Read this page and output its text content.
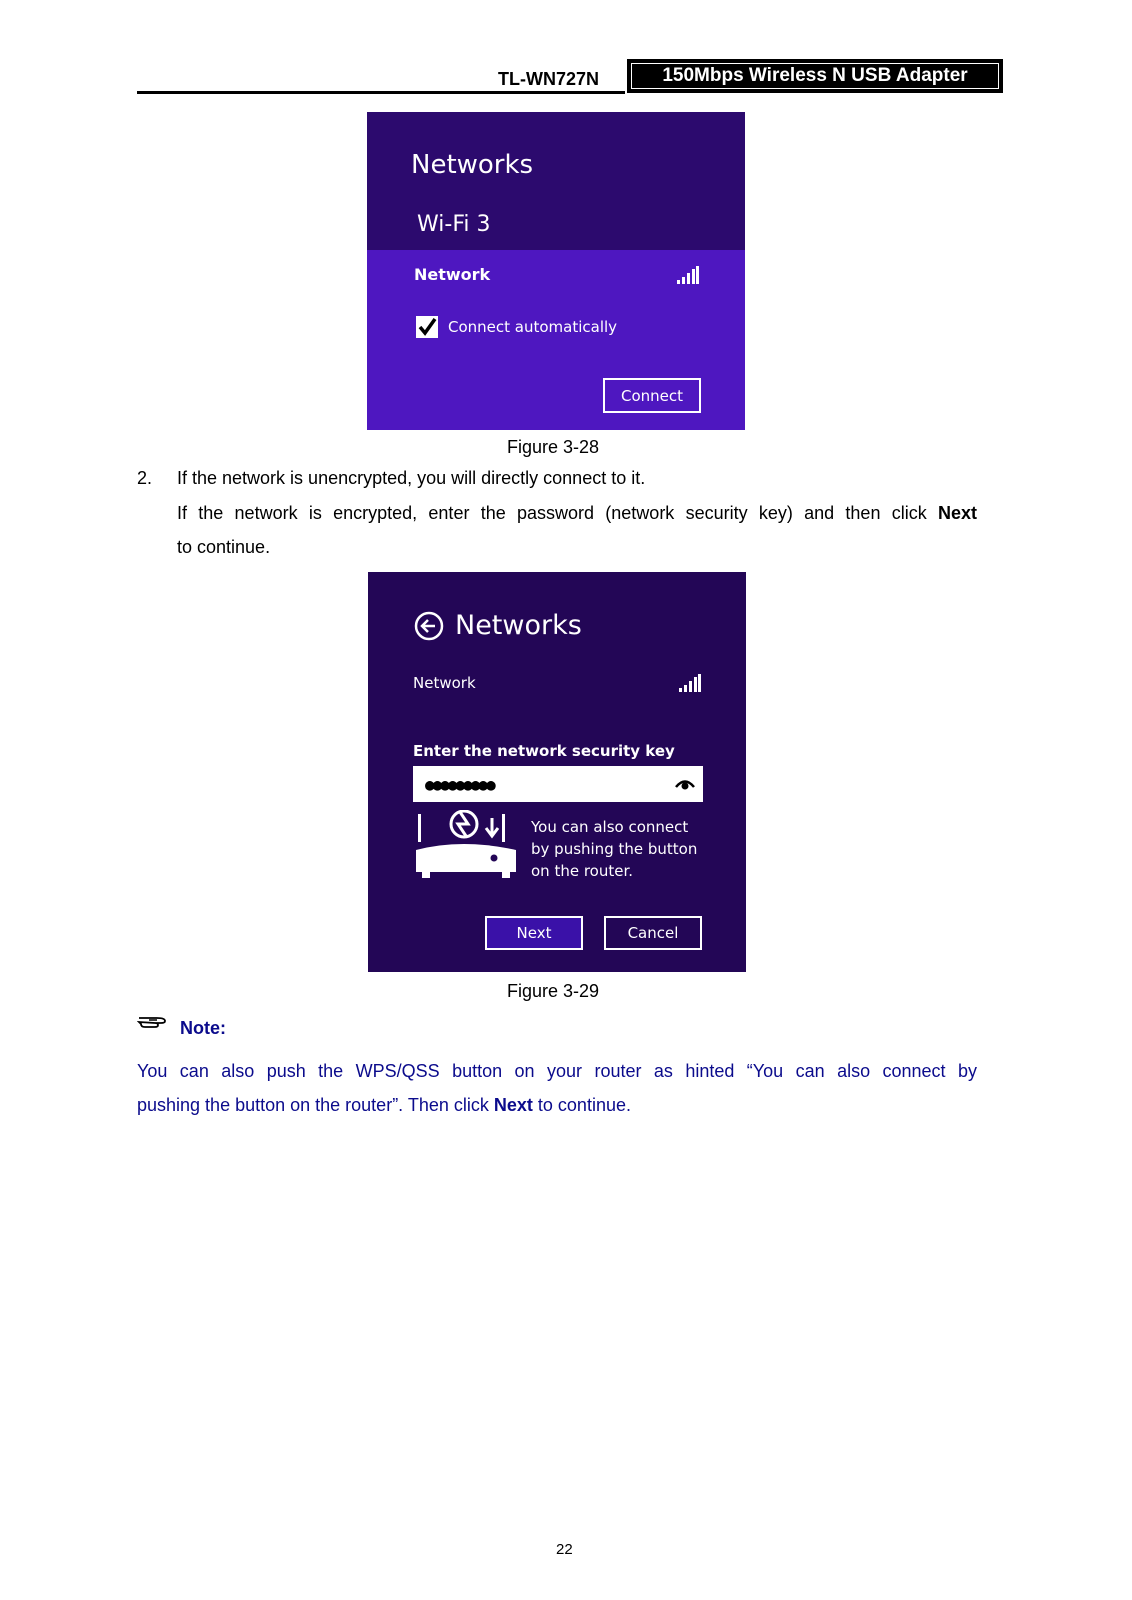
TL-WN727N	150Mbps Wireless N USB Adapter
Networks
Wi-Fi 3
Network
Connect automatically
Connect
Figure 3-28
2. If the network is unencrypted, you will directly connect to it.
If the network is encrypted, enter the password (network security key) and then click Next
to continue.
Networks
Network
Enter the network security key
●●●●●●●●●
You can also connect
by pushing the button
on the router.
Next	Cancel
Figure 3-29
Note:
You can also push the WPS/QSS button on your router as hinted “You can also connect by
pushing the button on the router”. Then click Next to continue.
22
